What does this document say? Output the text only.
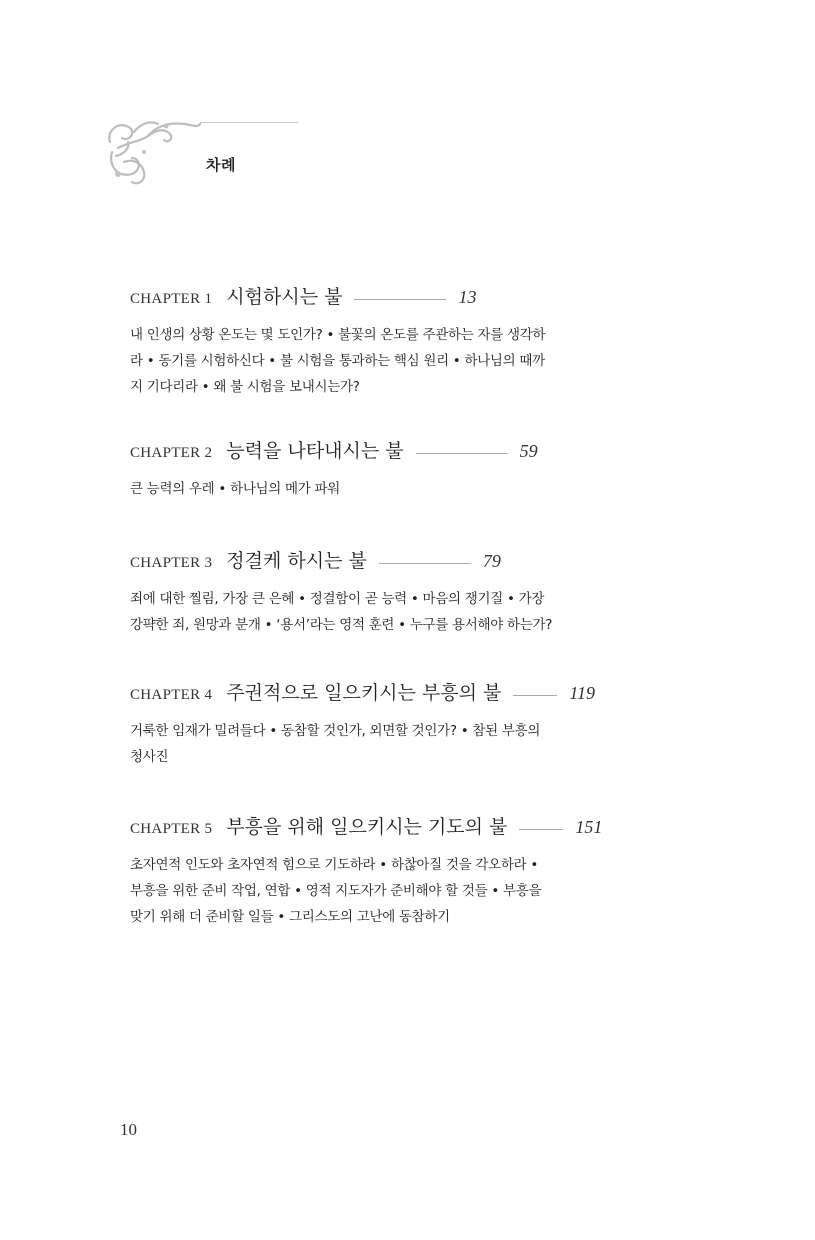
차례
CHAPTER 1 시험하시는 불	13
내 인생의 상황 온도는 몇 도인가? • 불꽃의 온도를 주관하는 자를 생각하
라 • 동기를 시험하신다 • 불 시험을 통과하는 핵심 원리 • 하나님의 때까
지 기다리라 • 왜 불 시험을 보내시는가?
CHAPTER 2 능력을 나타내시는 불	59
큰 능력의 우레 • 하나님의 메가 파워
CHAPTER 3 정결케 하시는 불	79
죄에 대한 찔림, 가장 큰 은혜 • 정결함이 곧 능력 • 마음의 쟁기질 • 가장
강퍅한 죄, 원망과 분개 • ‘용서’라는 영적 훈련 • 누구를 용서해야 하는가?
CHAPTER 4 주권적으로 일으키시는 부흥의 불	119
거룩한 임재가 밀려들다 • 동참할 것인가, 외면할 것인가? • 참된 부흥의
청사진
CHAPTER 5 부흥을 위해 일으키시는 기도의 불	151
초자연적 인도와 초자연적 힘으로 기도하라 • 하찮아질 것을 각오하라 •
부흥을 위한 준비 작업, 연합 • 영적 지도자가 준비해야 할 것들 • 부흥을
맞기 위해 더 준비할 일들 • 그리스도의 고난에 동참하기
10
